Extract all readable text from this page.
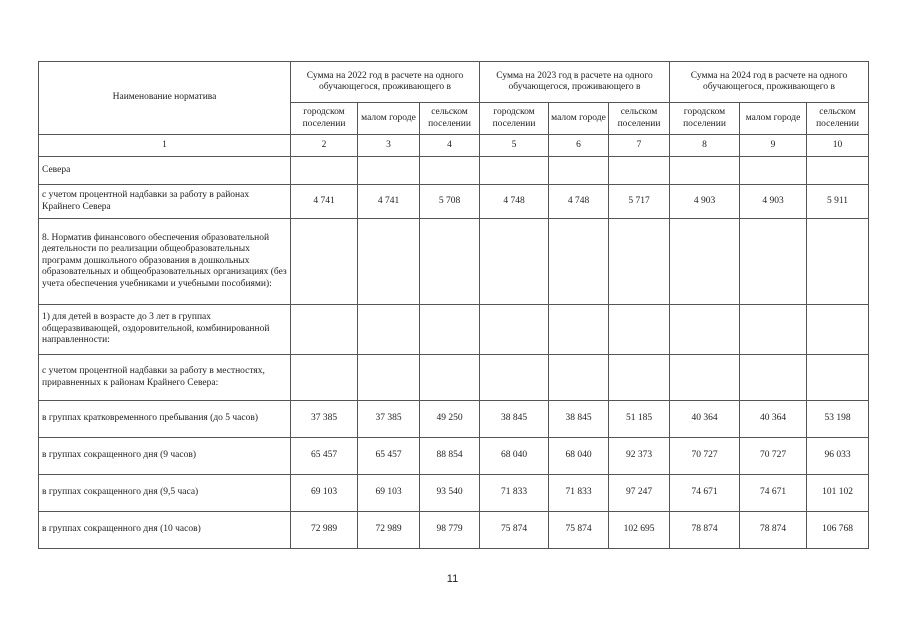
Наименование норматива	Сумма на 2022 год в расчете на одного обучающегося, проживающего в			Сумма на 2023 год в расчете на одного обучающегося, проживающего в			Сумма на 2024 год в расчете на одного обучающегося, проживающего в		
	городском поселении	малом городе	сельском поселении	городском поселении	малом городе	сельском поселении	городском поселении	малом городе	сельском поселении
1	2	3	4	5	6	7	8	9	10
Севера									
с учетом процентной надбавки за работу в районах Крайнего Севера	4 741	4 741	5 708	4 748	4 748	5 717	4 903	4 903	5 911
8. Норматив финансового обеспечения образовательной деятельности по реализации общеобразовательных программ дошкольного образования в дошкольных образовательных и общеобразовательных организациях (без учета обеспечения учебниками и учебными пособиями):									
1) для детей в возрасте до 3 лет в группах общеразвивающей, оздоровительной, комбинированной направленности:									
с учетом процентной надбавки за работу в местностях, приравненных к районам Крайнего Севера:									
в группах кратковременного пребывания (до 5 часов)	37 385	37 385	49 250	38 845	38 845	51 185	40 364	40 364	53 198
в группах сокращенного дня (9 часов)	65 457	65 457	88 854	68 040	68 040	92 373	70 727	70 727	96 033
в группах сокращенного дня (9,5 часа)	69 103	69 103	93 540	71 833	71 833	97 247	74 671	74 671	101 102
в группах сокращенного дня (10 часов)	72 989	72 989	98 779	75 874	75 874	102 695	78 874	78 874	106 768
11
